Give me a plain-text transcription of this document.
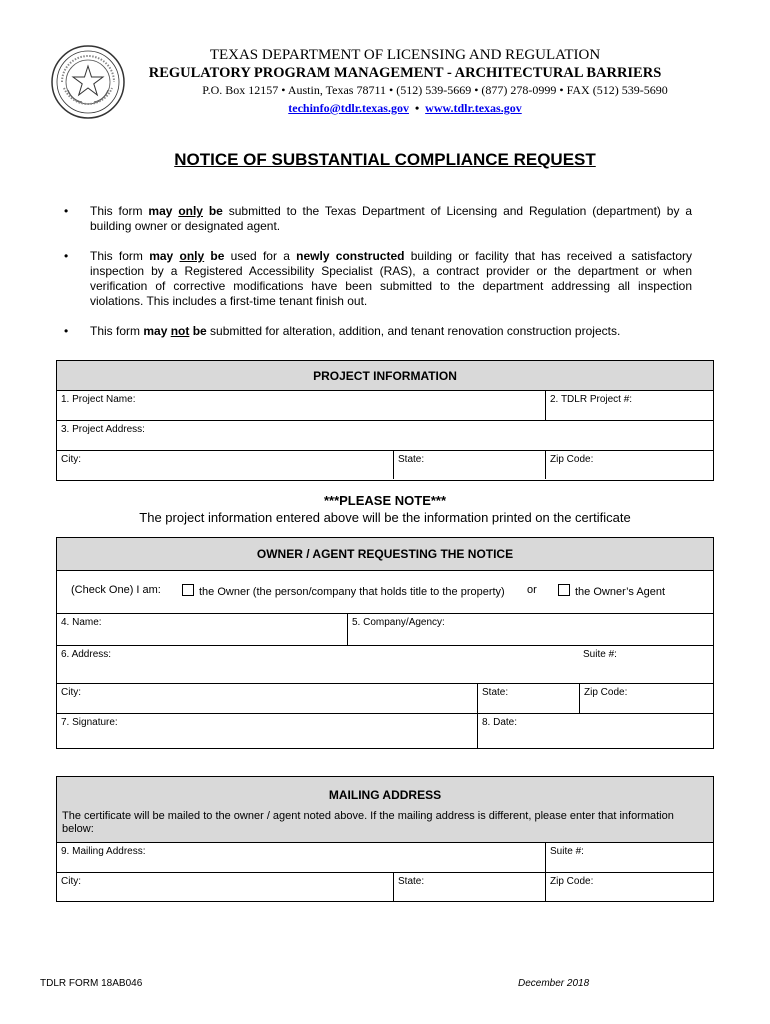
TEXAS DEPARTMENT OF LICENSING AND REGULATION
REGULATORY PROGRAM MANAGEMENT - ARCHITECTURAL BARRIERS
P.O. Box 12157 • Austin, Texas 78711 • (512) 539-5669 • (877) 278-0999 • FAX (512) 539-5690
techinfo@tdlr.texas.gov • www.tdlr.texas.gov
NOTICE OF SUBSTANTIAL COMPLIANCE REQUEST
• This form may only be submitted to the Texas Department of Licensing and Regulation (department) by a building owner or designated agent.
• This form may only be used for a newly constructed building or facility that has received a satisfactory inspection by a Registered Accessibility Specialist (RAS), a contract provider or the department or when verification of corrective modifications have been submitted to the department addressing all inspection violations. This includes a first-time tenant finish out.
• This form may not be submitted for alteration, addition, and tenant renovation construction projects.
PROJECT INFORMATION
1. Project Name:	2. TDLR Project #:
3. Project Address:
City:	State:	Zip Code:
***PLEASE NOTE***
The project information entered above will be the information printed on the certificate
OWNER / AGENT REQUESTING THE NOTICE
(Check One) I am:	the Owner (the person/company that holds title to the property) or	the Owner’s Agent
4. Name:	5. Company/Agency:
6. Address:	Suite #:
City:	State:	Zip Code:
7. Signature:	8. Date:
MAILING ADDRESS
The certificate will be mailed to the owner / agent noted above. If the mailing address is different, please enter that information below:
9. Mailing Address:	Suite #:
City:	State:	Zip Code:
TDLR FORM 18AB046	December 2018
